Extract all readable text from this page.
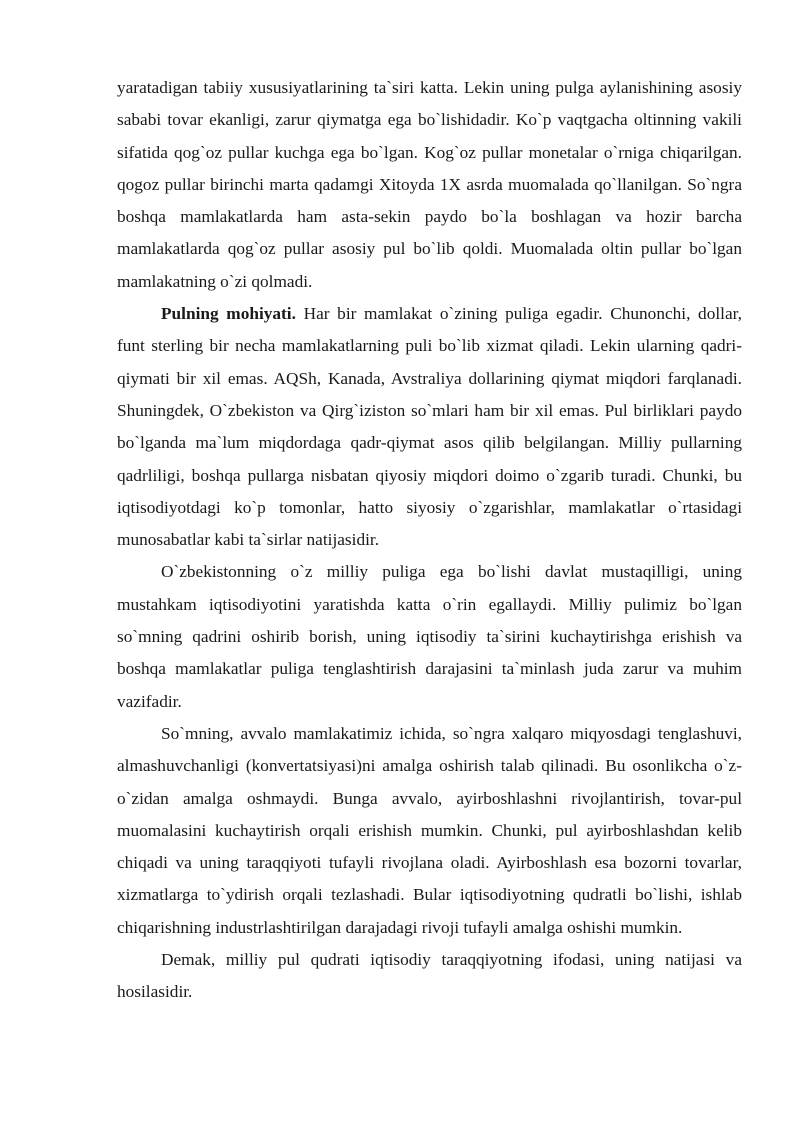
yaratadigan tabiiy xususiyatlarining ta`siri katta. Lekin uning pulga aylanishining asosiy sababi tovar ekanligi, zarur qiymatga ega bo`lishidadir. Ko`p vaqtgacha oltinning vakili sifatida qog`oz pullar kuchga ega bo`lgan. Kog`oz pullar monetalar o`rniga chiqarilgan. qogoz pullar birinchi marta qadamgi Xitoyda 1X asrda muomalada qo`llanilgan. So`ngra boshqa mamlakatlarda ham asta-sekin paydo bo`la boshlagan va hozir barcha mamlakatlarda qog`oz pullar asosiy pul bo`lib qoldi. Muomalada oltin pullar bo`lgan mamlakatning o`zi qolmadi.

Pulning mohiyati. Har bir mamlakat o`zining puliga egadir. Chunonchi, dollar, funt sterling bir necha mamlakatlarning puli bo`lib xizmat qiladi. Lekin ularning qadri-qiymati bir xil emas. AQSh, Kanada, Avstraliya dollarining qiymat miqdori farqlanadi. Shuningdek, O`zbekiston va Qirg`iziston so`mlari ham bir xil emas. Pul birliklari paydo bo`lganda ma`lum miqdordaga qadr-qiymat asos qilib belgilangan. Milliy pullarning qadrliligi, boshqa pullarga nisbatan qiyosiy miqdori doimo o`zgarib turadi. Chunki, bu iqtisodiyotdagi ko`p tomonlar, hatto siyosiy o`zgarishlar, mamlakatlar o`rtasidagi munosabatlar kabi ta`sirlar natijasidir.

O`zbekistonning o`z milliy puliga ega bo`lishi davlat mustaqilligi, uning mustahkam iqtisodiyotini yaratishda katta o`rin egallaydi. Milliy pulimiz bo`lgan so`mning qadrini oshirib borish, uning iqtisodiy ta`sirini kuchaytirishga erishish va boshqa mamlakatlar puliga tenglashtirish darajasini ta`minlash juda zarur va muhim vazifadir.

So`mning, avvalo mamlakatimiz ichida, so`ngra xalqaro miqyosdagi tenglashuvi, almashuvchanligi (konvertatsiyasi)ni amalga oshirish talab qilinadi. Bu osonlikcha o`z-o`zidan amalga oshmaydi. Bunga avvalo, ayirboshlashni rivojlantirish, tovar-pul muomalasini kuchaytirish orqali erishish mumkin. Chunki, pul ayirboshlashdan kelib chiqadi va uning taraqqiyoti tufayli rivojlana oladi. Ayirboshlash esa bozorni tovarlar, xizmatlarga to`ydirish orqali tezlashadi. Bular iqtisodiyotning qudratli bo`lishi, ishlab chiqarishning industrlashtirilgan darajadagi rivoji tufayli amalga oshishi mumkin.

Demak, milliy pul qudrati iqtisodiy taraqqiyotning ifodasi, uning natijasi va hosilasidir.
